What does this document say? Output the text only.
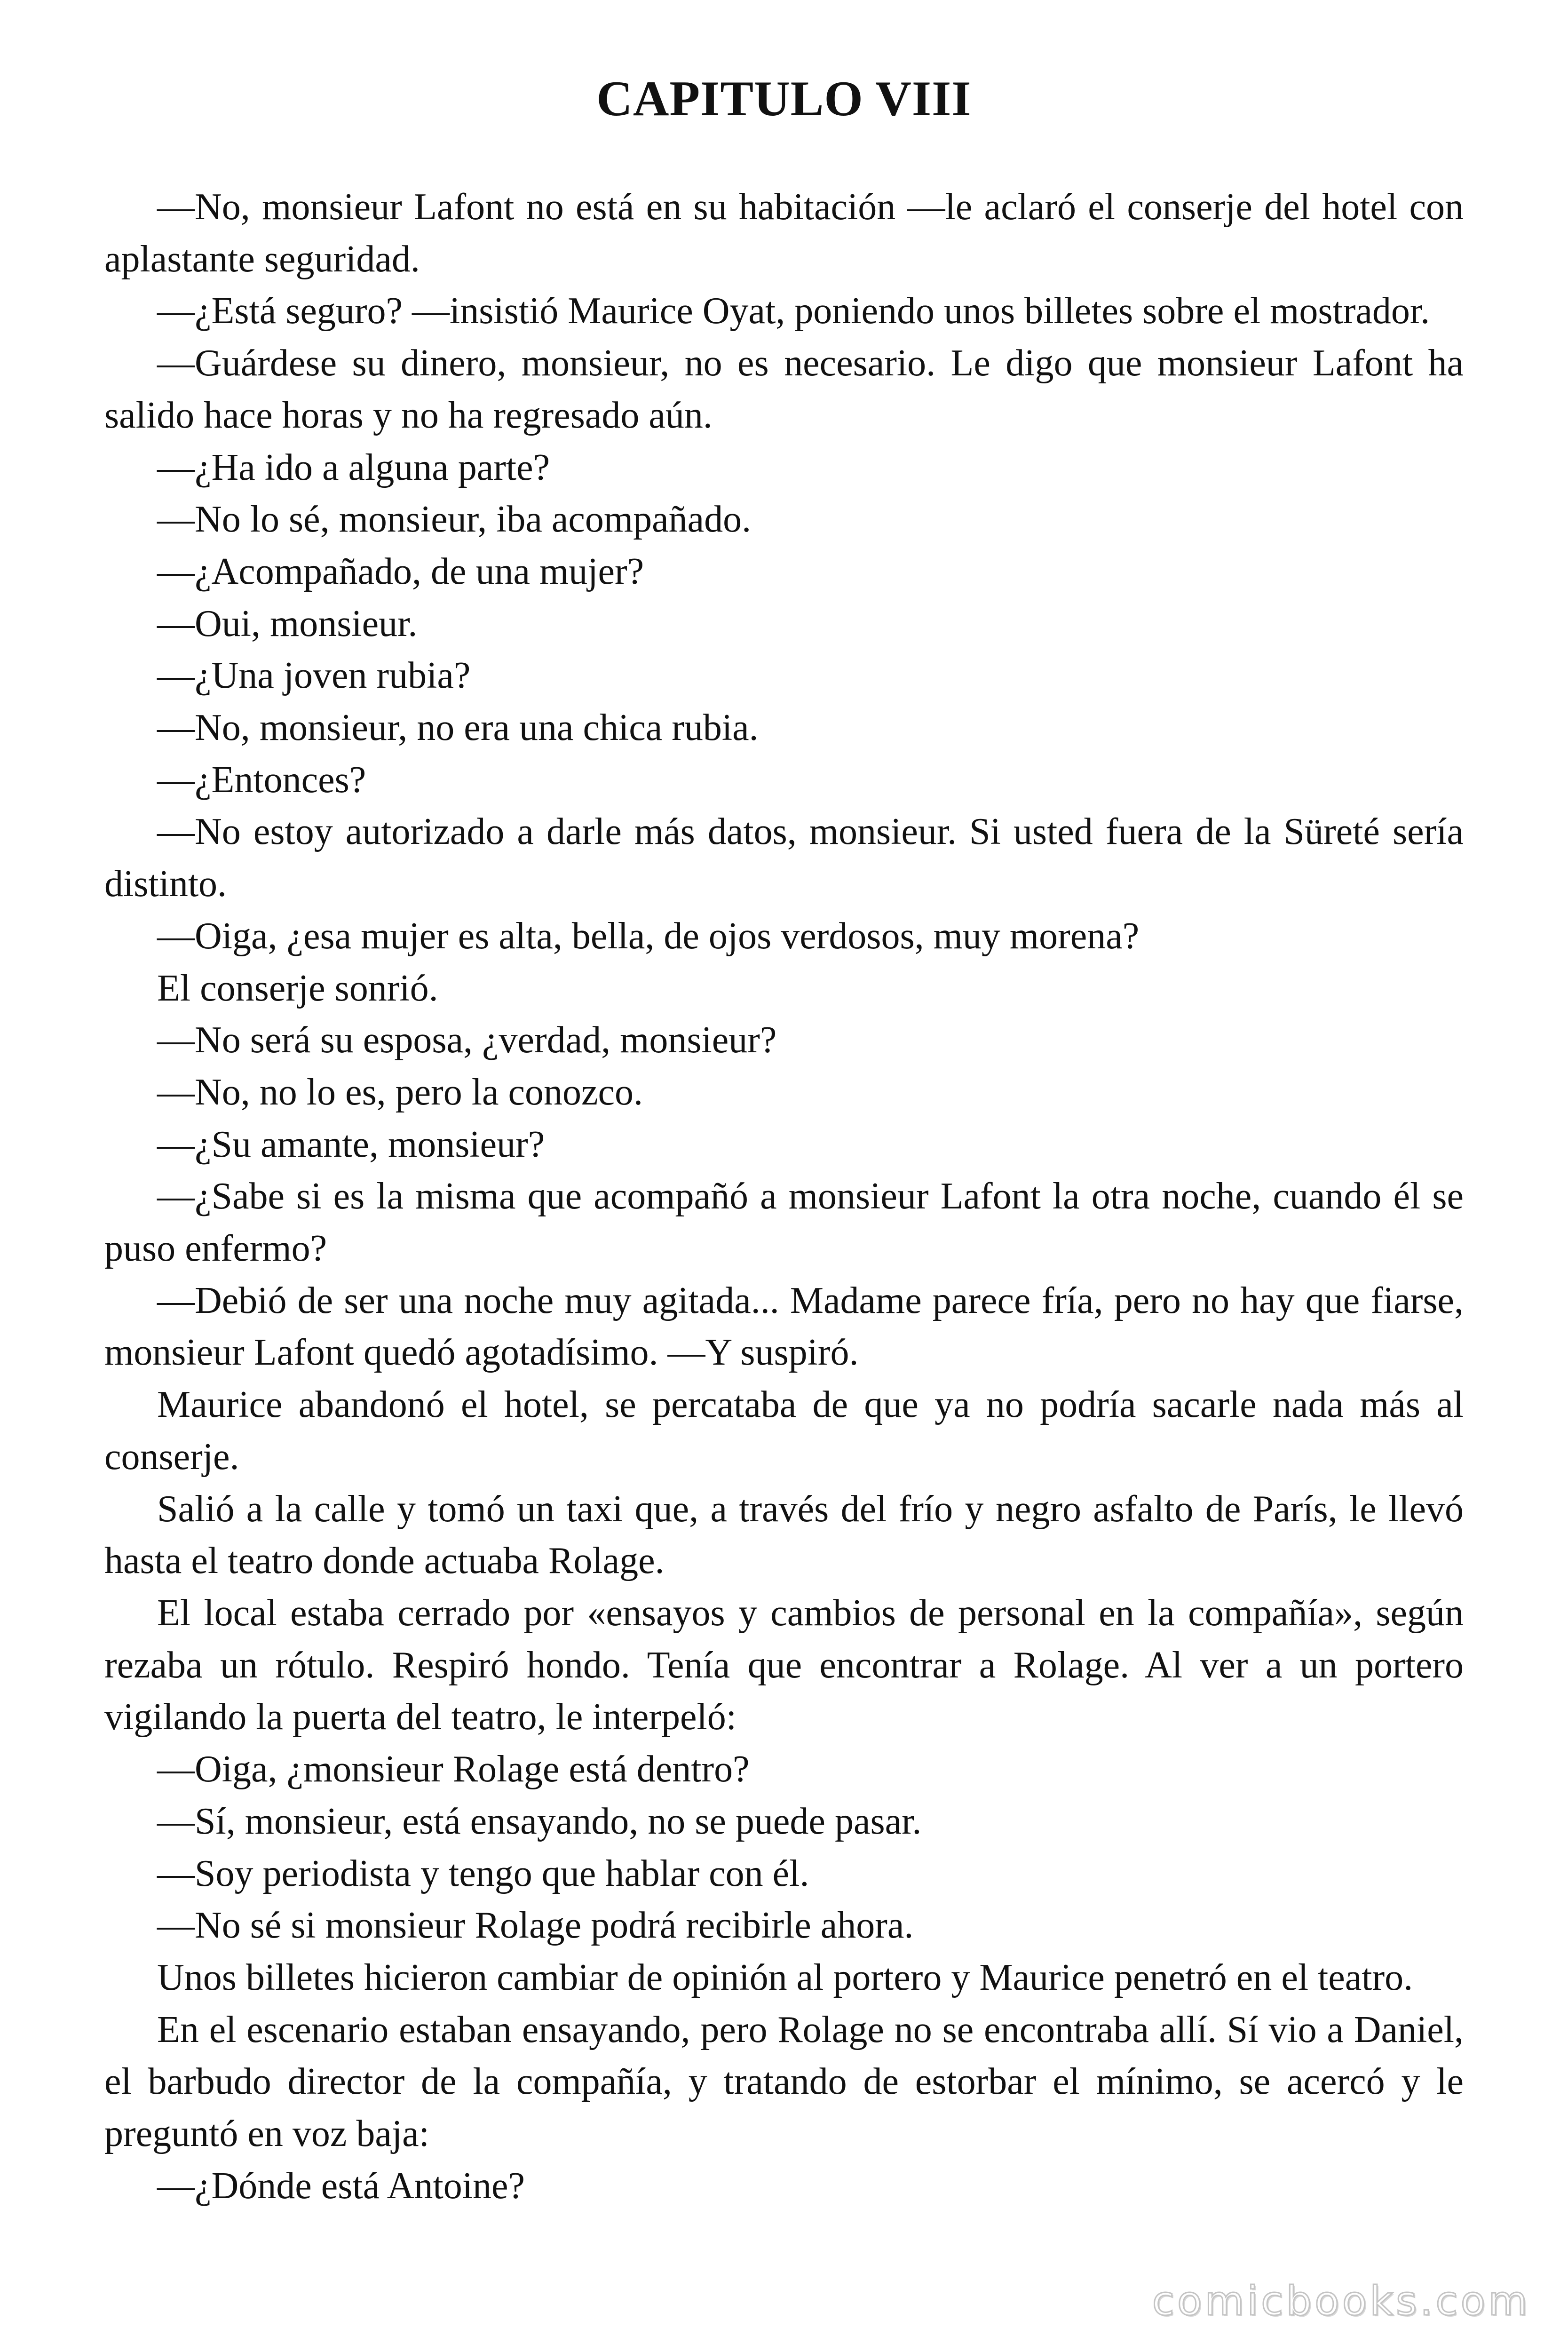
CAPITULO VIII

—No, monsieur Lafont no está en su habitación —le aclaró el conserje del hotel con aplastante seguridad.

—¿Está seguro? —insistió Maurice Oyat, poniendo unos billetes sobre el mostrador.

—Guárdese su dinero, monsieur, no es necesario. Le digo que monsieur Lafont ha salido hace horas y no ha regresado aún.

—¿Ha ido a alguna parte?

—No lo sé, monsieur, iba acompañado.

—¿Acompañado, de una mujer?

—Oui, monsieur.

—¿Una joven rubia?

—No, monsieur, no era una chica rubia.

—¿Entonces?

—No estoy autorizado a darle más datos, monsieur. Si usted fuera de la Süreté sería distinto.

—Oiga, ¿esa mujer es alta, bella, de ojos verdosos, muy morena?

El conserje sonrió.

—No será su esposa, ¿verdad, monsieur?

—No, no lo es, pero la conozco.

—¿Su amante, monsieur?

—¿Sabe si es la misma que acompañó a monsieur Lafont la otra noche, cuando él se puso enfermo?

—Debió de ser una noche muy agitada... Madame parece fría, pero no hay que fiarse, monsieur Lafont quedó agotadísimo. —Y suspiró.

Maurice abandonó el hotel, se percataba de que ya no podría sacarle nada más al conserje.

Salió a la calle y tomó un taxi que, a través del frío y negro asfalto de París, le llevó hasta el teatro donde actuaba Rolage.

El local estaba cerrado por «ensayos y cambios de personal en la compañía», según rezaba un rótulo. Respiró hondo. Tenía que encontrar a Rolage. Al ver a un portero vigilando la puerta del teatro, le interpeló:

—Oiga, ¿monsieur Rolage está dentro?

—Sí, monsieur, está ensayando, no se puede pasar.

—Soy periodista y tengo que hablar con él.

—No sé si monsieur Rolage podrá recibirle ahora.

Unos billetes hicieron cambiar de opinión al portero y Maurice penetró en el teatro.

En el escenario estaban ensayando, pero Rolage no se encontraba allí. Sí vio a Daniel, el barbudo director de la compañía, y tratando de estorbar el mínimo, se acercó y le preguntó en voz baja:

—¿Dónde está Antoine?

comicbooks.com
